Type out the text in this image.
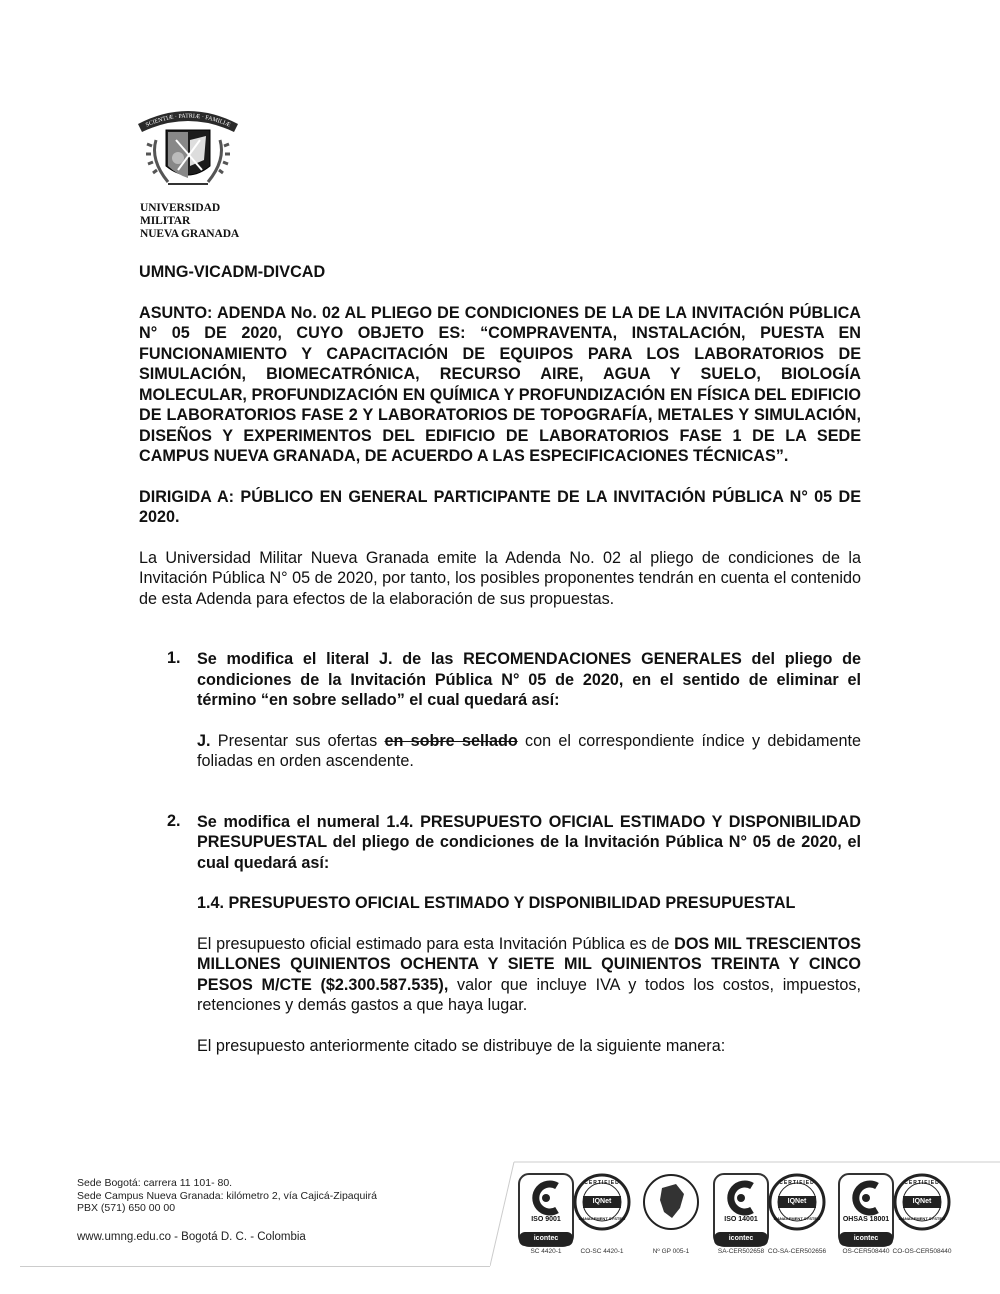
SCIENTIÆ · PATRIÆ · FAMILIÆ
UNIVERSIDAD MILITAR
NUEVA GRANADA

UMNG-VICADM-DIVCAD

ASUNTO: ADENDA No. 02 AL PLIEGO DE CONDICIONES DE LA DE LA INVITACIÓN PÚBLICA N° 05 DE 2020, CUYO OBJETO ES: “COMPRAVENTA, INSTALACIÓN, PUESTA EN FUNCIONAMIENTO Y CAPACITACIÓN DE EQUIPOS PARA LOS LABORATORIOS DE SIMULACIÓN, BIOMECATRÓNICA, RECURSO AIRE, AGUA Y SUELO, BIOLOGÍA MOLECULAR, PROFUNDIZACIÓN EN QUÍMICA Y PROFUNDIZACIÓN EN FÍSICA DEL EDIFICIO DE LABORATORIOS FASE 2 Y LABORATORIOS DE TOPOGRAFÍA, METALES Y SIMULACIÓN, DISEÑOS Y EXPERIMENTOS DEL EDIFICIO DE LABORATORIOS FASE 1 DE LA SEDE CAMPUS NUEVA GRANADA, DE ACUERDO A LAS ESPECIFICACIONES TÉCNICAS”.

DIRIGIDA A: PÚBLICO EN GENERAL PARTICIPANTE DE LA INVITACIÓN PÚBLICA N° 05 DE 2020.

La Universidad Militar Nueva Granada emite la Adenda No. 02 al pliego de condiciones de la Invitación Pública N° 05 de 2020, por tanto, los posibles proponentes tendrán en cuenta el contenido de esta Adenda para efectos de la elaboración de sus propuestas.

1. Se modifica el literal J. de las RECOMENDACIONES GENERALES del pliego de condiciones de la Invitación Pública N° 05 de 2020, en el sentido de eliminar el término “en sobre sellado” el cual quedará así:

J. Presentar sus ofertas en sobre sellado con el correspondiente índice y debidamente foliadas en orden ascendente.

2. Se modifica el numeral 1.4. PRESUPUESTO OFICIAL ESTIMADO Y DISPONIBILIDAD PRESUPUESTAL del pliego de condiciones de la Invitación Pública N° 05 de 2020, el cual quedará así:

1.4. PRESUPUESTO OFICIAL ESTIMADO Y DISPONIBILIDAD PRESUPUESTAL

El presupuesto oficial estimado para esta Invitación Pública es de DOS MIL TRESCIENTOS MILLONES QUINIENTOS OCHENTA Y SIETE MIL QUINIENTOS TREINTA Y CINCO PESOS M/CTE ($2.300.587.535), valor que incluye IVA y todos los costos, impuestos, retenciones y demás gastos a que haya lugar.

El presupuesto anteriormente citado se distribuye de la siguiente manera:

Sede Bogotá: carrera 11 101- 80.
Sede Campus Nueva Granada: kilómetro 2, vía Cajicá-Zipaquirá
PBX (571) 650 00 00
www.umng.edu.co - Bogotá D. C. - Colombia
ISO 9001
icontec
SC 4420-1
IQNet
CERTIFIED
MANAGEMENT SYSTEM
CO-SC 4420-1	Nº GP 005-1
ISO 14001
icontec
SA-CER502658
IQNet
CERTIFIED
MANAGEMENT SYSTEM
CO-SA-CER502656
OHSAS 18001
icontec
OS-CER508440
IQNet
CERTIFIED
MANAGEMENT SYSTEM
CO-OS-CER508440
